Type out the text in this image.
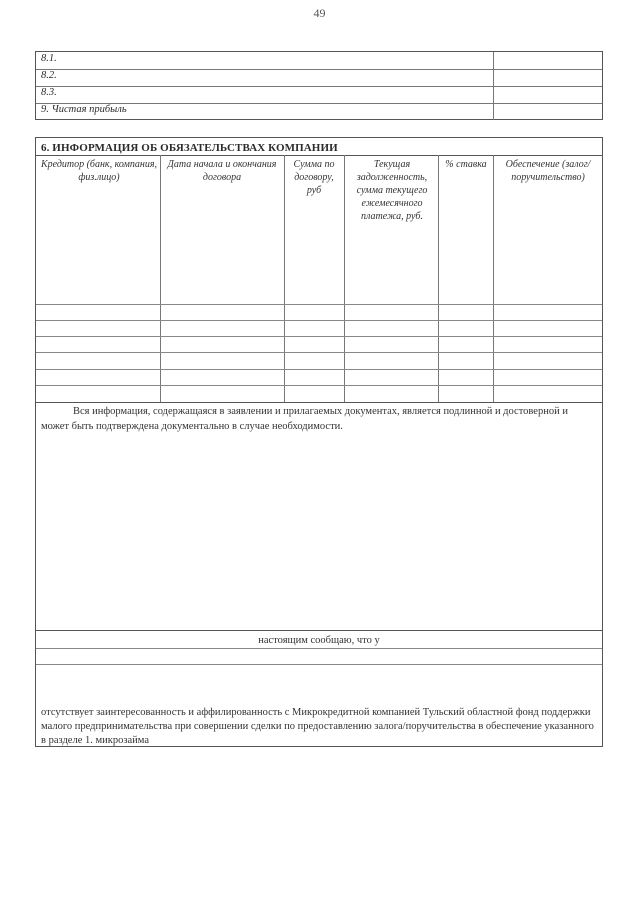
49
8.1.
8.2.
8.3.
9. Чистая прибыль
6. ИНФОРМАЦИЯ ОБ ОБЯЗАТЕЛЬСТВАХ КОМПАНИИ
Кредитор (банк, компания, физ.лицо)
Дата начала и окончания договора
Сумма по договору, руб
Текущая задолженность, сумма текущего ежемесячного платежа, руб.
% ставка	Обеспечение (залог/поручительство)
Вся информация, содержащаяся в заявлении и прилагаемых документах, является подлинной и достоверной и может быть подтверждена документально в случае необходимости.
настоящим сообщаю, что у
отсутствует заинтересованность и аффилированность с Микрокредитной компанией Тульский областной фонд поддержки малого предпринимательства при совершении сделки по предоставлению залога/поручительства в обеспечение указанного в разделе 1. микрозайма
